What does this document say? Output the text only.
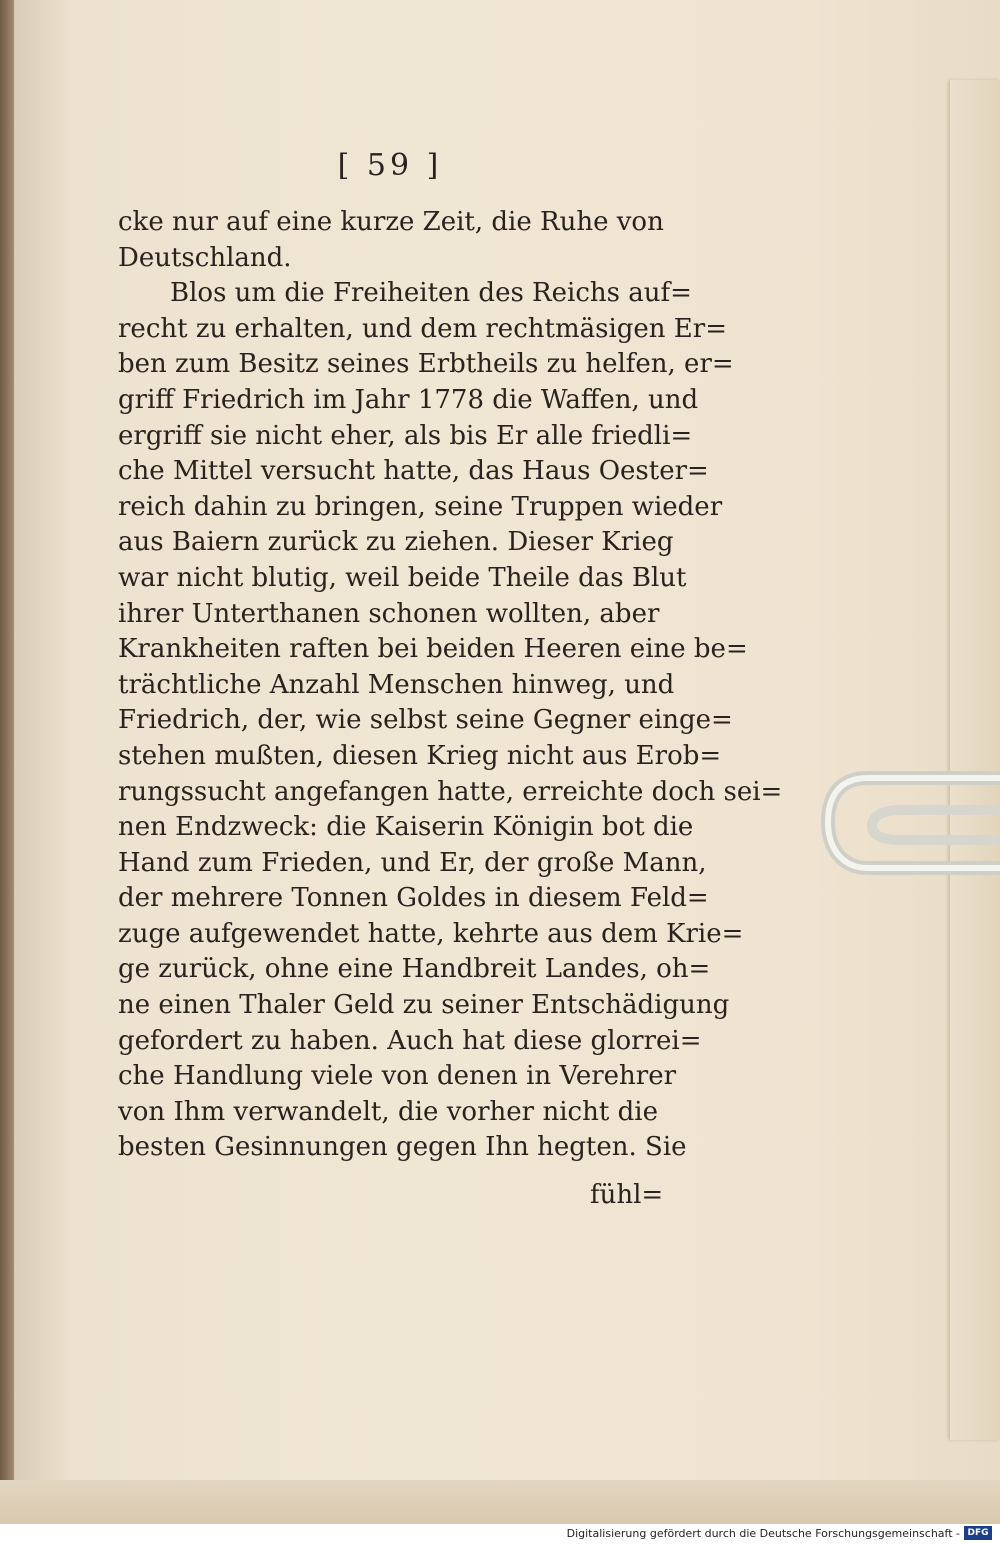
[ 59 ]
cke nur auf eine kurze Zeit, die Ruhe von
Deutschland.
Blos um die Freiheiten des Reichs auf=
recht zu erhalten, und dem rechtmäsigen Er=
ben zum Besitz seines Erbtheils zu helfen, er=
griff Friedrich im Jahr 1778 die Waffen, und
ergriff sie nicht eher, als bis Er alle friedli=
che Mittel versucht hatte, das Haus Oester=
reich dahin zu bringen, seine Truppen wieder
aus Baiern zurück zu ziehen. Dieser Krieg
war nicht blutig, weil beide Theile das Blut
ihrer Unterthanen schonen wollten, aber
Krankheiten raften bei beiden Heeren eine be=
trächtliche Anzahl Menschen hinweg, und
Friedrich, der, wie selbst seine Gegner einge=
stehen mußten, diesen Krieg nicht aus Erob=
rungssucht angefangen hatte, erreichte doch sei=
nen Endzweck: die Kaiserin Königin bot die
Hand zum Frieden, und Er, der große Mann,
der mehrere Tonnen Goldes in diesem Feld=
zuge aufgewendet hatte, kehrte aus dem Krie=
ge zurück, ohne eine Handbreit Landes, oh=
ne einen Thaler Geld zu seiner Entschädigung
gefordert zu haben. Auch hat diese glorrei=
che Handlung viele von denen in Verehrer
von Ihm verwandelt, die vorher nicht die
besten Gesinnungen gegen Ihn hegten. Sie
fühl=
Digitalisierung gefördert durch die Deutsche Forschungsgemeinschaft - DFG
